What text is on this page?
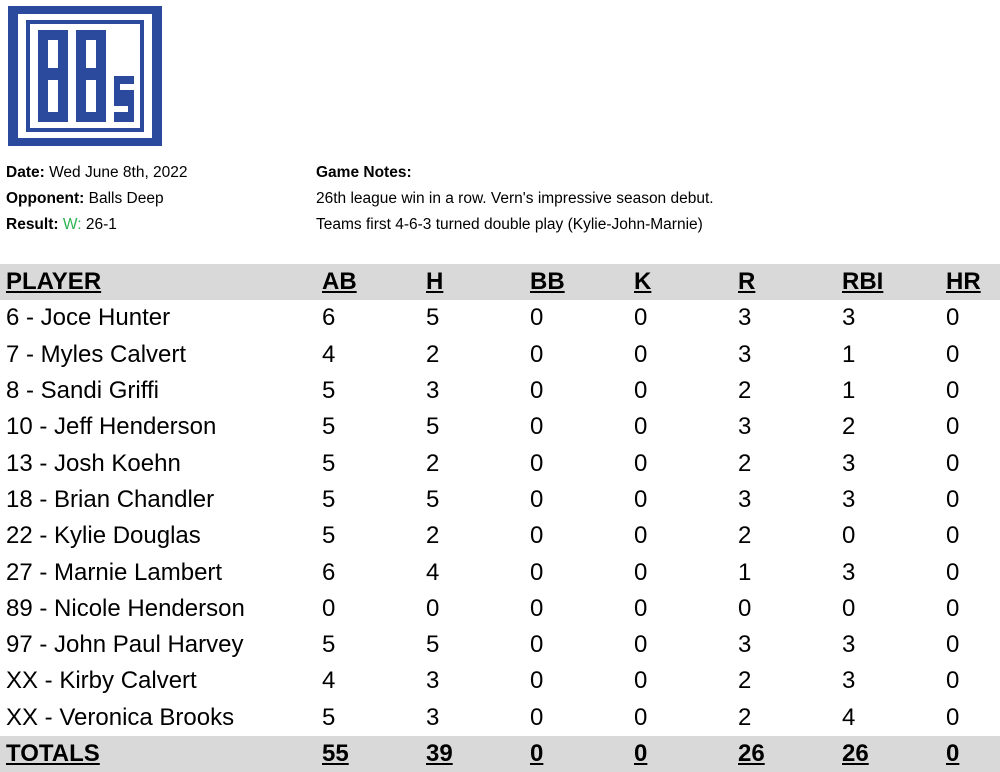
Date: Wed June 8th, 2022
Opponent: Balls Deep
Result: W: 26-1
Game Notes:
26th league win in a row. Vern's impressive season debut.
Teams first 4-6-3 turned double play (Kylie-John-Marnie)
PLAYER	AB	H	BB	K	R	RBI	HR
6 - Joce Hunter	6	5	0	0	3	3	0
7 - Myles Calvert	4	2	0	0	3	1	0
8 - Sandi Griffi	5	3	0	0	2	1	0
10 - Jeff Henderson	5	5	0	0	3	2	0
13 - Josh Koehn	5	2	0	0	2	3	0
18 - Brian Chandler	5	5	0	0	3	3	0
22 - Kylie Douglas	5	2	0	0	2	0	0
27 - Marnie Lambert	6	4	0	0	1	3	0
89 - Nicole Henderson	0	0	0	0	0	0	0
97 - John Paul Harvey	5	5	0	0	3	3	0
XX - Kirby Calvert	4	3	0	0	2	3	0
XX - Veronica Brooks	5	3	0	0	2	4	0
TOTALS	55	39	0	0	26	26	0
